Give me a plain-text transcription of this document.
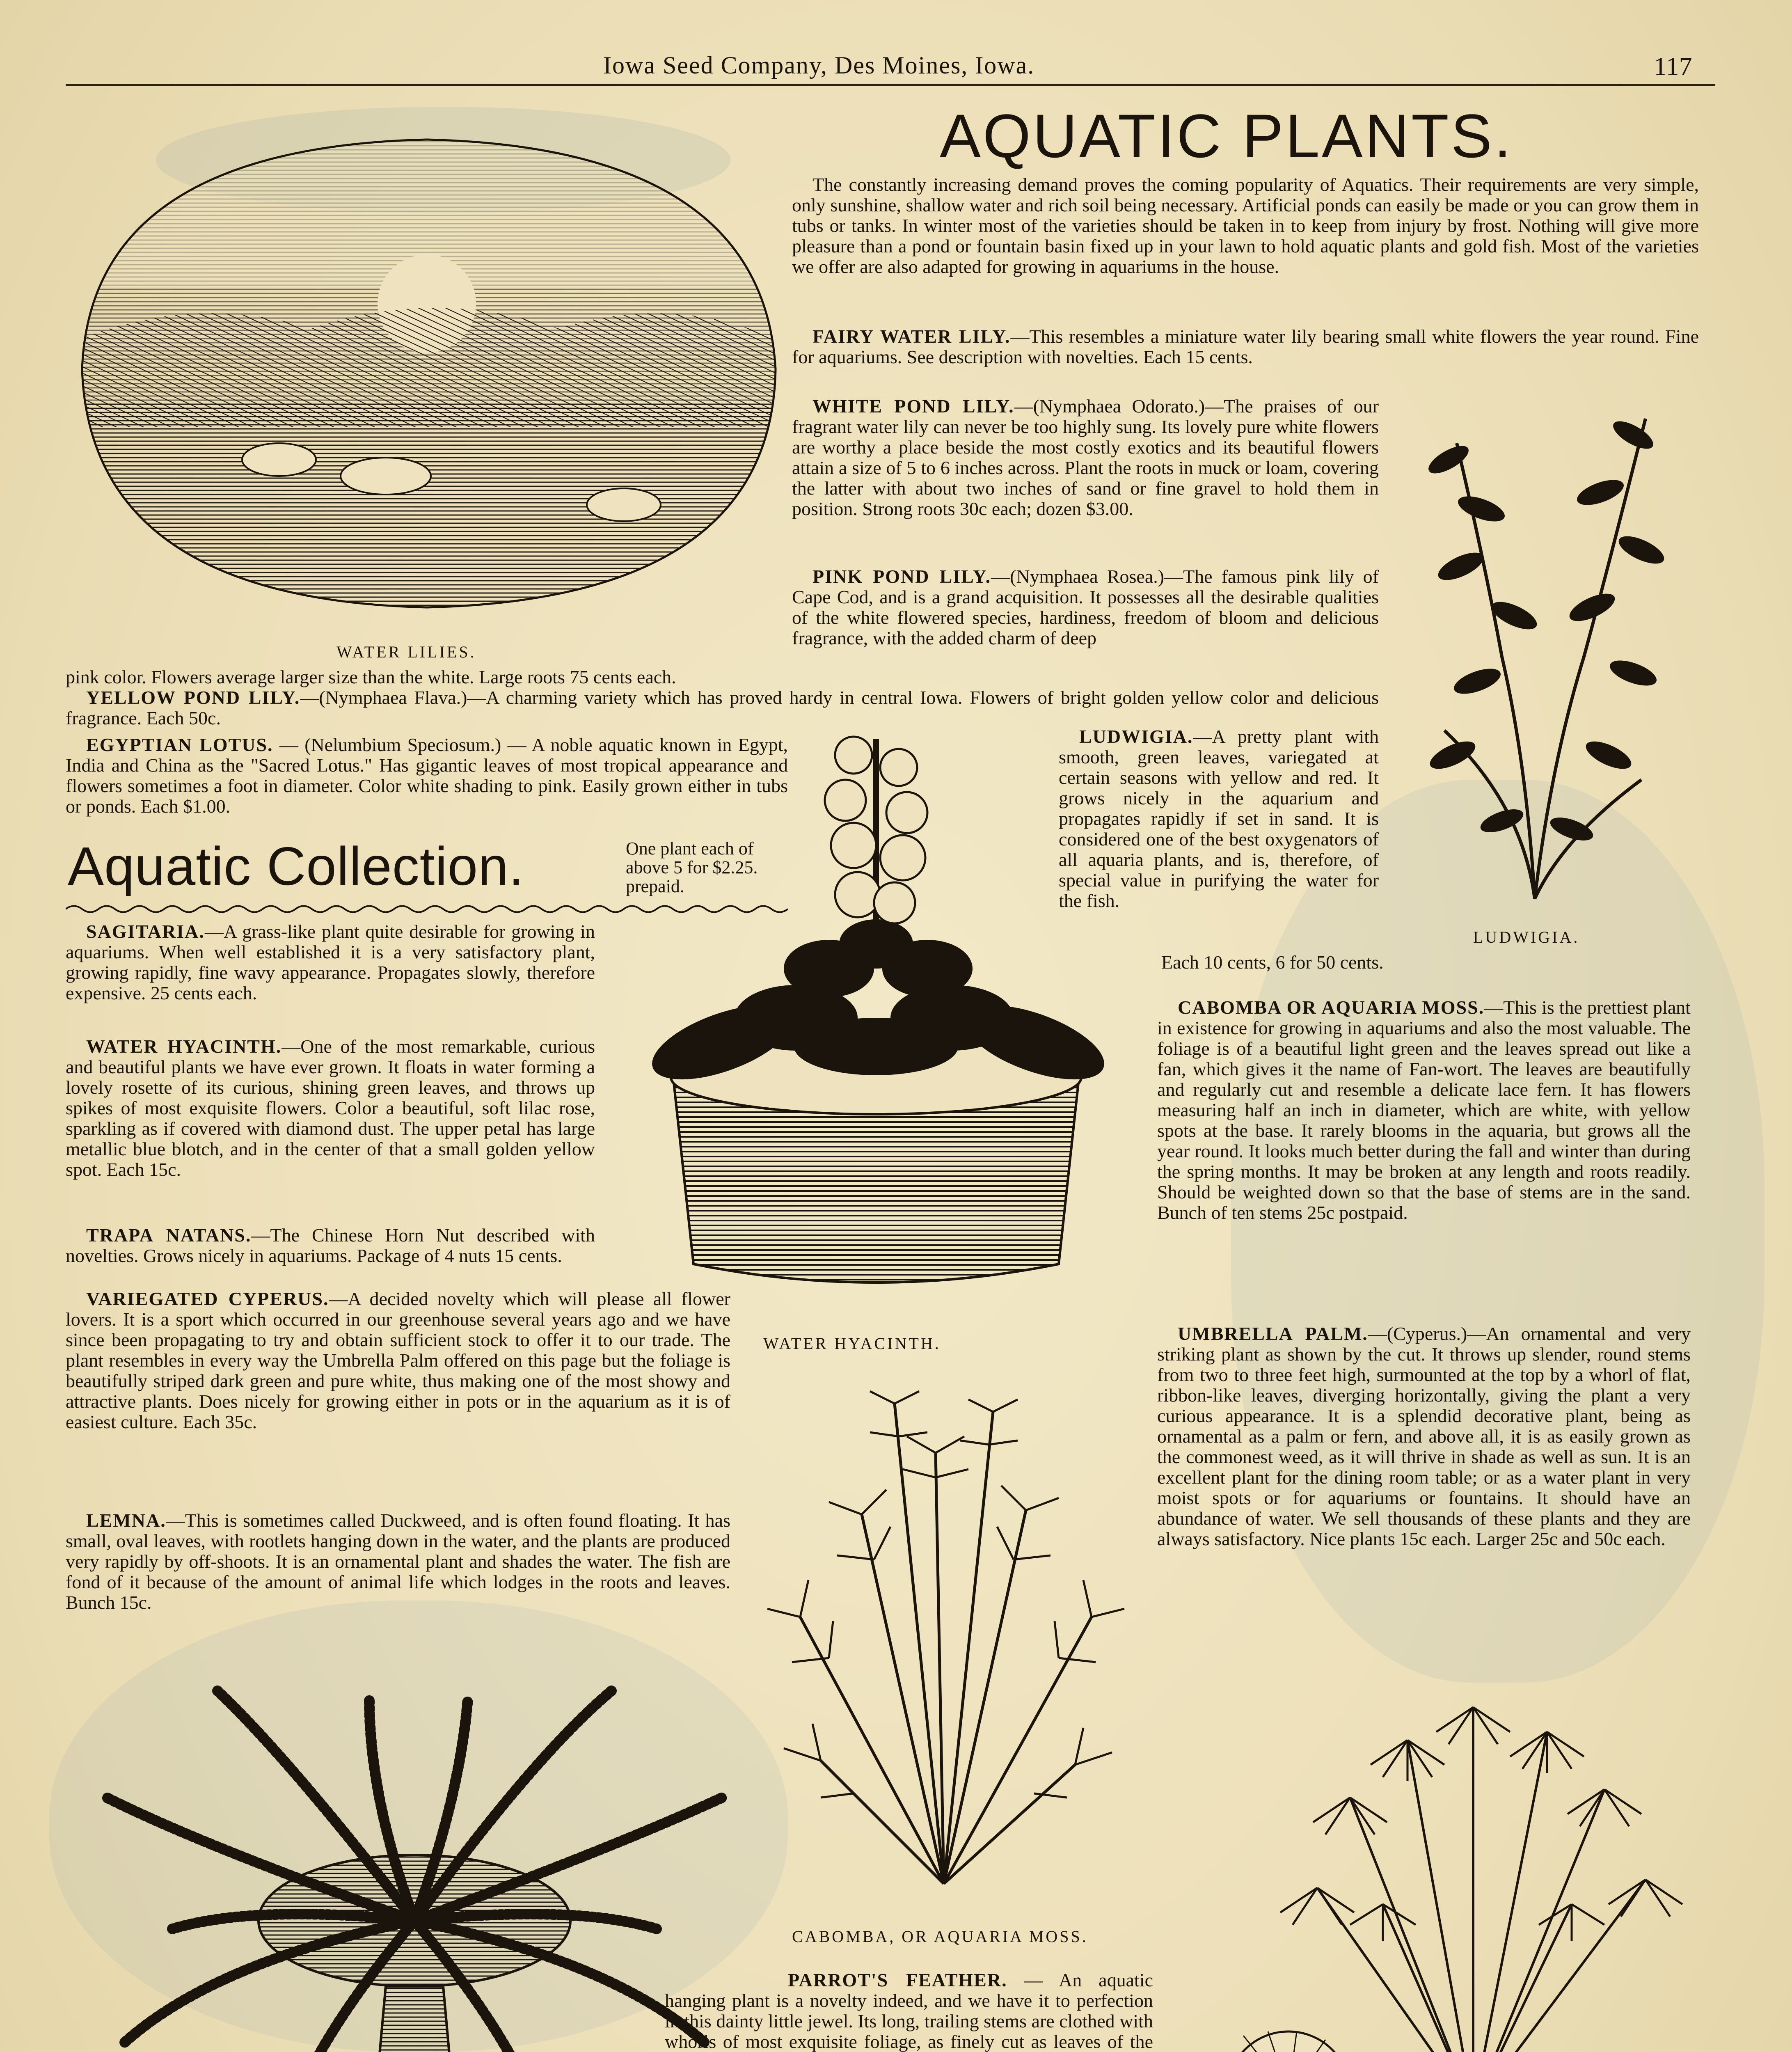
Iowa Seed Company, Des Moines, Iowa.	117
AQUATIC PLANTS.
WATER LILIES.
The constantly increasing demand proves the coming popularity of Aquatics. Their requirements are very simple, only sunshine, shallow water and rich soil being necessary. Artificial ponds can easily be made or you can grow them in tubs or tanks. In winter most of the varieties should be taken in to keep from injury by frost. Nothing will give more pleasure than a pond or fountain basin fixed up in your lawn to hold aquatic plants and gold fish. Most of the varieties we offer are also adapted for growing in aquariums in the house.
FAIRY WATER LILY.—This resembles a miniature water lily bearing small white flowers the year round. Fine for aquariums. See description with novelties. Each 15 cents.
LUDWIGIA.
WHITE POND LILY.—(Nymphaea Odorato.)—The praises of our fragrant water lily can never be too highly sung. Its lovely pure white flowers are worthy a place beside the most costly exotics and its beautiful flowers attain a size of 5 to 6 inches across. Plant the roots in muck or loam, covering the latter with about two inches of sand or fine gravel to hold them in position. Strong roots 30c each; dozen $3.00.
PINK POND LILY.—(Nymphaea Rosea.)—The famous pink lily of Cape Cod, and is a grand acquisition. It possesses all the desirable qualities of the white flowered species, hardiness, freedom of bloom and delicious fragrance, with the added charm of deep
pink color. Flowers average larger size than the white. Large roots 75 cents each.
YELLOW POND LILY.—(Nymphaea Flava.)—A charming variety which has proved hardy in central Iowa. Flowers of bright golden yellow color and delicious fragrance. Each 50c.
EGYPTIAN LOTUS. — (Nelumbium Speciosum.) — A noble aquatic known in Egypt, India and China as the "Sacred Lotus." Has gigantic leaves of most tropical appearance and flowers sometimes a foot in diameter. Color white shading to pink. Easily grown either in tubs or ponds. Each $1.00.
Aquatic Collection.	One plant each of above 5 for $2.25. prepaid.
LUDWIGIA.—A pretty plant with smooth, green leaves, variegated at certain seasons with yellow and red. It grows nicely in the aquarium and propagates rapidly if set in sand. It is considered one of the best oxygenators of all aquaria plants, and is, therefore, of special value in purifying the water for the fish.
Each 10 cents, 6 for 50 cents.
WATER HYACINTH.
SAGITARIA.—A grass-like plant quite desirable for growing in aquariums. When well established it is a very satisfactory plant, growing rapidly, fine wavy appearance. Propagates slowly, therefore expensive. 25 cents each.
WATER HYACINTH.—One of the most remarkable, curious and beautiful plants we have ever grown. It floats in water forming a lovely rosette of its curious, shining green leaves, and throws up spikes of most exquisite flowers. Color a beautiful, soft lilac rose, sparkling as if covered with diamond dust. The upper petal has large metallic blue blotch, and in the center of that a small golden yellow spot. Each 15c.
TRAPA NATANS.—The Chinese Horn Nut described with novelties. Grows nicely in aquariums. Package of 4 nuts 15 cents.
VARIEGATED CYPERUS.—A decided novelty which will please all flower lovers. It is a sport which occurred in our greenhouse several years ago and we have since been propagating to try and obtain sufficient stock to offer it to our trade. The plant resembles in every way the Umbrella Palm offered on this page but the foliage is beautifully striped dark green and pure white, thus making one of the most showy and attractive plants. Does nicely for growing either in pots or in the aquarium as it is of easiest culture. Each 35c.
LEMNA.—This is sometimes called Duckweed, and is often found floating. It has small, oval leaves, with rootlets hanging down in the water, and the plants are produced very rapidly by off-shoots. It is an ornamental plant and shades the water. The fish are fond of it because of the amount of animal life which lodges in the roots and leaves. Bunch 15c.
CABOMBA OR AQUARIA MOSS.—This is the prettiest plant in existence for growing in aquariums and also the most valuable. The foliage is of a beautiful light green and the leaves spread out like a fan, which gives it the name of Fan-wort. The leaves are beautifully and regularly cut and resemble a delicate lace fern. It has flowers measuring half an inch in diameter, which are white, with yellow spots at the base. It rarely blooms in the aquaria, but grows all the year round. It looks much better during the fall and winter than during the spring months. It may be broken at any length and roots readily. Should be weighted down so that the base of stems are in the sand. Bunch of ten stems 25c postpaid.
UMBRELLA PALM.—(Cyperus.)—An ornamental and very striking plant as shown by the cut. It throws up slender, round stems from two to three feet high, surmounted at the top by a whorl of flat, ribbon-like leaves, diverging horizontally, giving the plant a very curious appearance. It is a splendid decorative plant, being as ornamental as a palm or fern, and above all, it is as easily grown as the commonest weed, as it will thrive in shade as well as sun. It is an excellent plant for the dining room table; or as a water plant in very moist spots or for aquariums or fountains. It should have an abundance of water. We sell thousands of these plants and they are always satisfactory. Nice plants 15c each. Larger 25c and 50c each.
CABOMBA, OR AQUARIA MOSS.
PARROT'S FEATHER. — An aquatic hanging plant is a novelty indeed, and we have it to perfection in this dainty little jewel. Its long, trailing stems are clothed with whorls of most exquisite foliage, as finely cut as leaves of the
